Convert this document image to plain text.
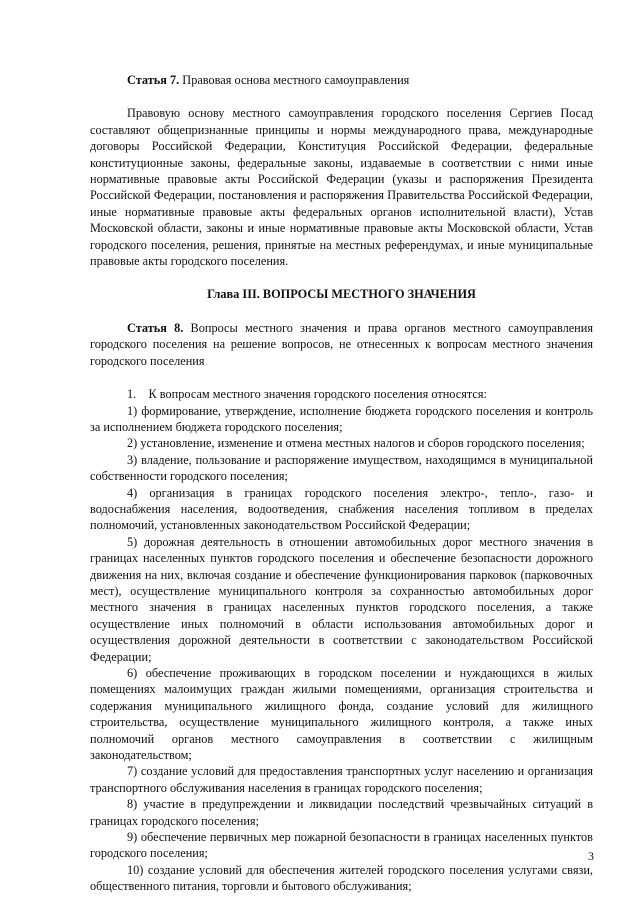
Статья 7. Правовая основа местного самоуправления

Правовую основу местного самоуправления городского поселения Сергиев Посад составляют общепризнанные принципы и нормы международного права, международные договоры Российской Федерации, Конституция Российской Федерации, федеральные конституционные законы, федеральные законы, издаваемые в соответствии с ними иные нормативные правовые акты Российской Федерации (указы и распоряжения Президента Российской Федерации, постановления и распоряжения Правительства Российской Федерации, иные нормативные правовые акты федеральных органов исполнительной власти), Устав Московской области, законы и иные нормативные правовые акты Московской области, Устав городского поселения, решения, принятые на местных референдумах, и иные муниципальные правовые акты городского поселения.

Глава III. ВОПРОСЫ МЕСТНОГО ЗНАЧЕНИЯ

Статья 8. Вопросы местного значения и права органов местного самоуправления городского поселения на решение вопросов, не отнесенных к вопросам местного значения городского поселения

1.    К вопросам местного значения городского поселения относятся:

1) формирование, утверждение, исполнение бюджета городского поселения и контроль за исполнением бюджета городского поселения;

2) установление, изменение и отмена местных налогов и сборов городского поселения;

3) владение, пользование и распоряжение имуществом, находящимся в муниципальной собственности городского поселения;

4) организация в границах городского поселения электро-, тепло-, газо- и водоснабжения населения, водоотведения, снабжения населения топливом в пределах полномочий, установленных законодательством Российской Федерации;

5) дорожная деятельность в отношении автомобильных дорог местного значения в границах населенных пунктов городского поселения и обеспечение безопасности дорожного движения на них, включая создание и обеспечение функционирования парковок (парковочных мест), осуществление муниципального контроля за сохранностью автомобильных дорог местного значения в границах населенных пунктов городского поселения, а также осуществление иных полномочий в области использования автомобильных дорог и осуществления дорожной деятельности в соответствии с законодательством Российской Федерации;

6) обеспечение проживающих в городском поселении и нуждающихся в жилых помещениях малоимущих граждан жилыми помещениями, организация строительства и содержания муниципального жилищного фонда, создание условий для жилищного строительства, осуществление муниципального жилищного контроля, а также иных полномочий органов местного самоуправления в соответствии с жилищным законодательством;

7) создание условий для предоставления транспортных услуг населению и организация транспортного обслуживания населения в границах городского поселения;

8) участие в предупреждении и ликвидации последствий чрезвычайных ситуаций в границах городского поселения;

9) обеспечение первичных мер пожарной безопасности в границах населенных пунктов городского поселения;

10) создание условий для обеспечения жителей городского поселения услугами связи, общественного питания, торговли и бытового обслуживания;

3
